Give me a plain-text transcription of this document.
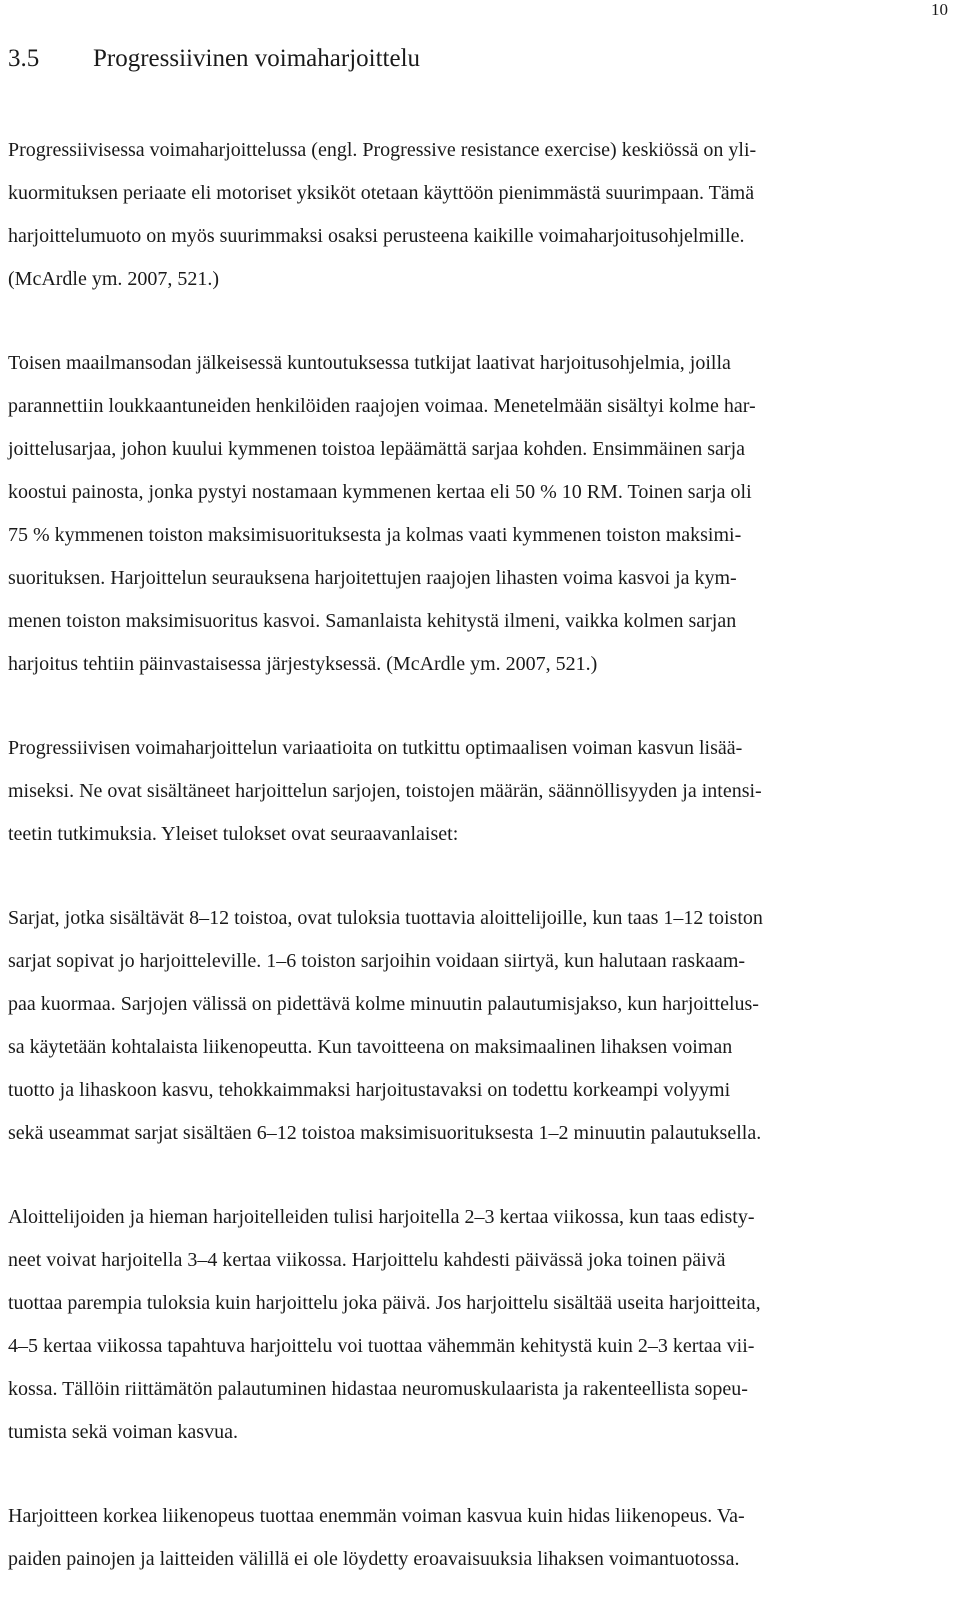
10
3.5 Progressiivinen voimaharjoittelu
Progressiivisessa voimaharjoittelussa (engl. Progressive resistance exercise) keskiössä on yli-
kuormituksen periaate eli motoriset yksiköt otetaan käyttöön pienimmästä suurimpaan. Tämä
harjoittelumuoto on myös suurimmaksi osaksi perusteena kaikille voimaharjoitusohjelmille.
(McArdle ym. 2007, 521.)
Toisen maailmansodan jälkeisessä kuntoutuksessa tutkijat laativat harjoitusohjelmia, joilla
parannettiin loukkaantuneiden henkilöiden raajojen voimaa. Menetelmään sisältyi kolme har-
joittelusarjaa, johon kuului kymmenen toistoa lepäämättä sarjaa kohden. Ensimmäinen sarja
koostui painosta, jonka pystyi nostamaan kymmenen kertaa eli 50 % 10 RM. Toinen sarja oli
75 % kymmenen toiston maksimisuorituksesta ja kolmas vaati kymmenen toiston maksimi-
suorituksen. Harjoittelun seurauksena harjoitettujen raajojen lihasten voima kasvoi ja kym-
menen toiston maksimisuoritus kasvoi. Samanlaista kehitystä ilmeni, vaikka kolmen sarjan
harjoitus tehtiin päinvastaisessa järjestyksessä. (McArdle ym. 2007, 521.)
Progressiivisen voimaharjoittelun variaatioita on tutkittu optimaalisen voiman kasvun lisää-
miseksi. Ne ovat sisältäneet harjoittelun sarjojen, toistojen määrän, säännöllisyyden ja intensi-
teetin tutkimuksia. Yleiset tulokset ovat seuraavanlaiset:
Sarjat, jotka sisältävät 8–12 toistoa, ovat tuloksia tuottavia aloittelijoille, kun taas 1–12 toiston
sarjat sopivat jo harjoitteleville. 1–6 toiston sarjoihin voidaan siirtyä, kun halutaan raskaam-
paa kuormaa. Sarjojen välissä on pidettävä kolme minuutin palautumisjakso, kun harjoittelus-
sa käytetään kohtalaista liikenopeutta. Kun tavoitteena on maksimaalinen lihaksen voiman
tuotto ja lihaskoon kasvu, tehokkaimmaksi harjoitustavaksi on todettu korkeampi volyymi
sekä useammat sarjat sisältäen 6–12 toistoa maksimisuorituksesta 1–2 minuutin palautuksella.
Aloittelijoiden ja hieman harjoitelleiden tulisi harjoitella 2–3 kertaa viikossa, kun taas edisty-
neet voivat harjoitella 3–4 kertaa viikossa. Harjoittelu kahdesti päivässä joka toinen päivä
tuottaa parempia tuloksia kuin harjoittelu joka päivä. Jos harjoittelu sisältää useita harjoitteita,
4–5 kertaa viikossa tapahtuva harjoittelu voi tuottaa vähemmän kehitystä kuin 2–3 kertaa vii-
kossa. Tällöin riittämätön palautuminen hidastaa neuromuskulaarista ja rakenteellista sopeu-
tumista sekä voiman kasvua.
Harjoitteen korkea liikenopeus tuottaa enemmän voiman kasvua kuin hidas liikenopeus. Va-
paiden painojen ja laitteiden välillä ei ole löydetty eroavaisuuksia lihaksen voimantuotossa.
